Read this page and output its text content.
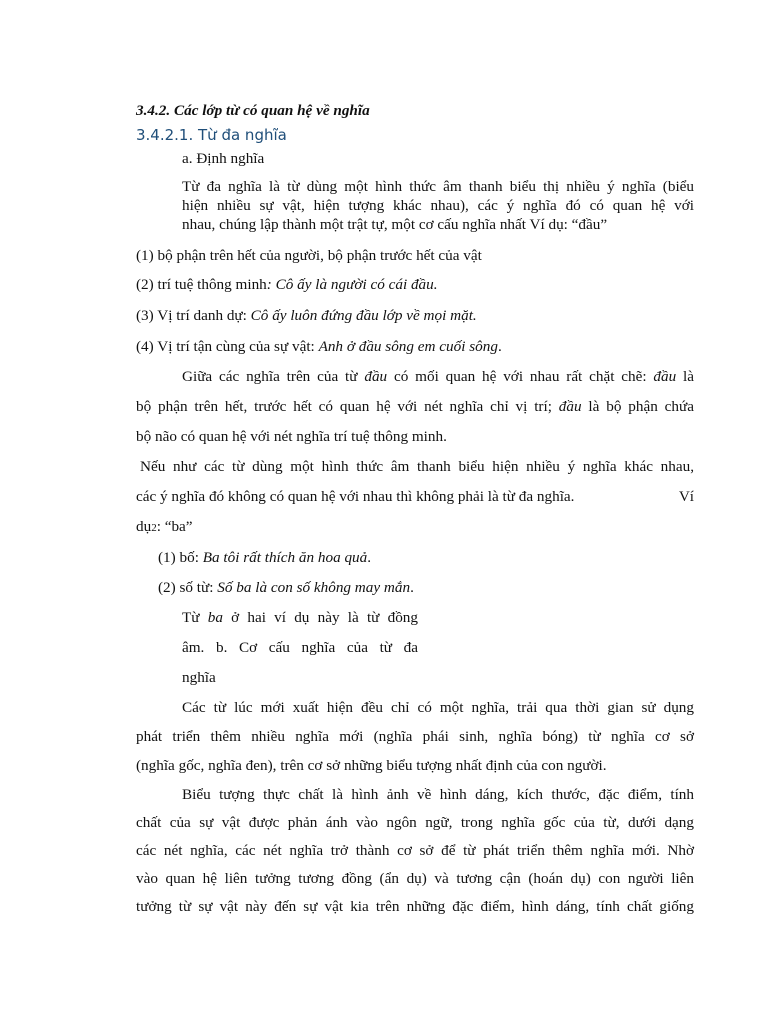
3.4.2. Các lớp từ có quan hệ về nghĩa
3.4.2.1. Từ đa nghĩa
a. Định nghĩa
Từ đa nghĩa là từ dùng một hình thức âm thanh biểu thị nhiều ý nghĩa (biểu
hiện nhiều sự vật, hiện tượng khác nhau), các ý nghĩa đó có quan hệ với
nhau, chúng lập thành một trật tự, một cơ cấu nghĩa nhất Ví dụ: “đầu”
(1) bộ phận trên hết của người, bộ phận trước hết của vật
(2) trí tuệ thông minh: Cô ấy là người có cái đầu.
(3) Vị trí danh dự: Cô ấy luôn đứng đầu lớp về mọi mặt.
(4) Vị trí tận cùng của sự vật: Anh ở đầu sông em cuối sông.
Giữa các nghĩa trên của từ đầu có mối quan hệ với nhau rất chặt chẽ: đầu là
bộ phận trên hết, trước hết có quan hệ với nét nghĩa chỉ vị trí; đầu là bộ phận chứa
bộ não có quan hệ với nét nghĩa trí tuệ thông minh.
Nếu như các từ dùng một hình thức âm thanh biểu hiện nhiều ý nghĩa khác nhau,
các ý nghĩa đó không có quan hệ với nhau thì không phải là từ đa nghĩa.	Ví
dụ2: “ba”
(1) bố: Ba tôi rất thích ăn hoa quả.
(2) số từ: Số ba là con số không may mắn.
Từ ba ở hai ví dụ này là từ đồng
âm. b. Cơ cấu nghĩa của từ đa
nghĩa
Các từ lúc mới xuất hiện đều chỉ có một nghĩa, trải qua thời gian sử dụng
phát triển thêm nhiều nghĩa mới (nghĩa phái sinh, nghĩa bóng) từ nghĩa cơ sở
(nghĩa gốc, nghĩa đen), trên cơ sở những biểu tượng nhất định của con người.
Biểu tượng thực chất là hình ảnh về hình dáng, kích thước, đặc điểm, tính
chất của sự vật được phản ánh vào ngôn ngữ, trong nghĩa gốc của từ, dưới dạng
các nét nghĩa, các nét nghĩa trở thành cơ sở để từ phát triển thêm nghĩa mới. Nhờ
vào quan hệ liên tưởng tương đồng (ẩn dụ) và tương cận (hoán dụ) con người liên
tưởng từ sự vật này đến sự vật kia trên những đặc điểm, hình dáng, tính chất giống
